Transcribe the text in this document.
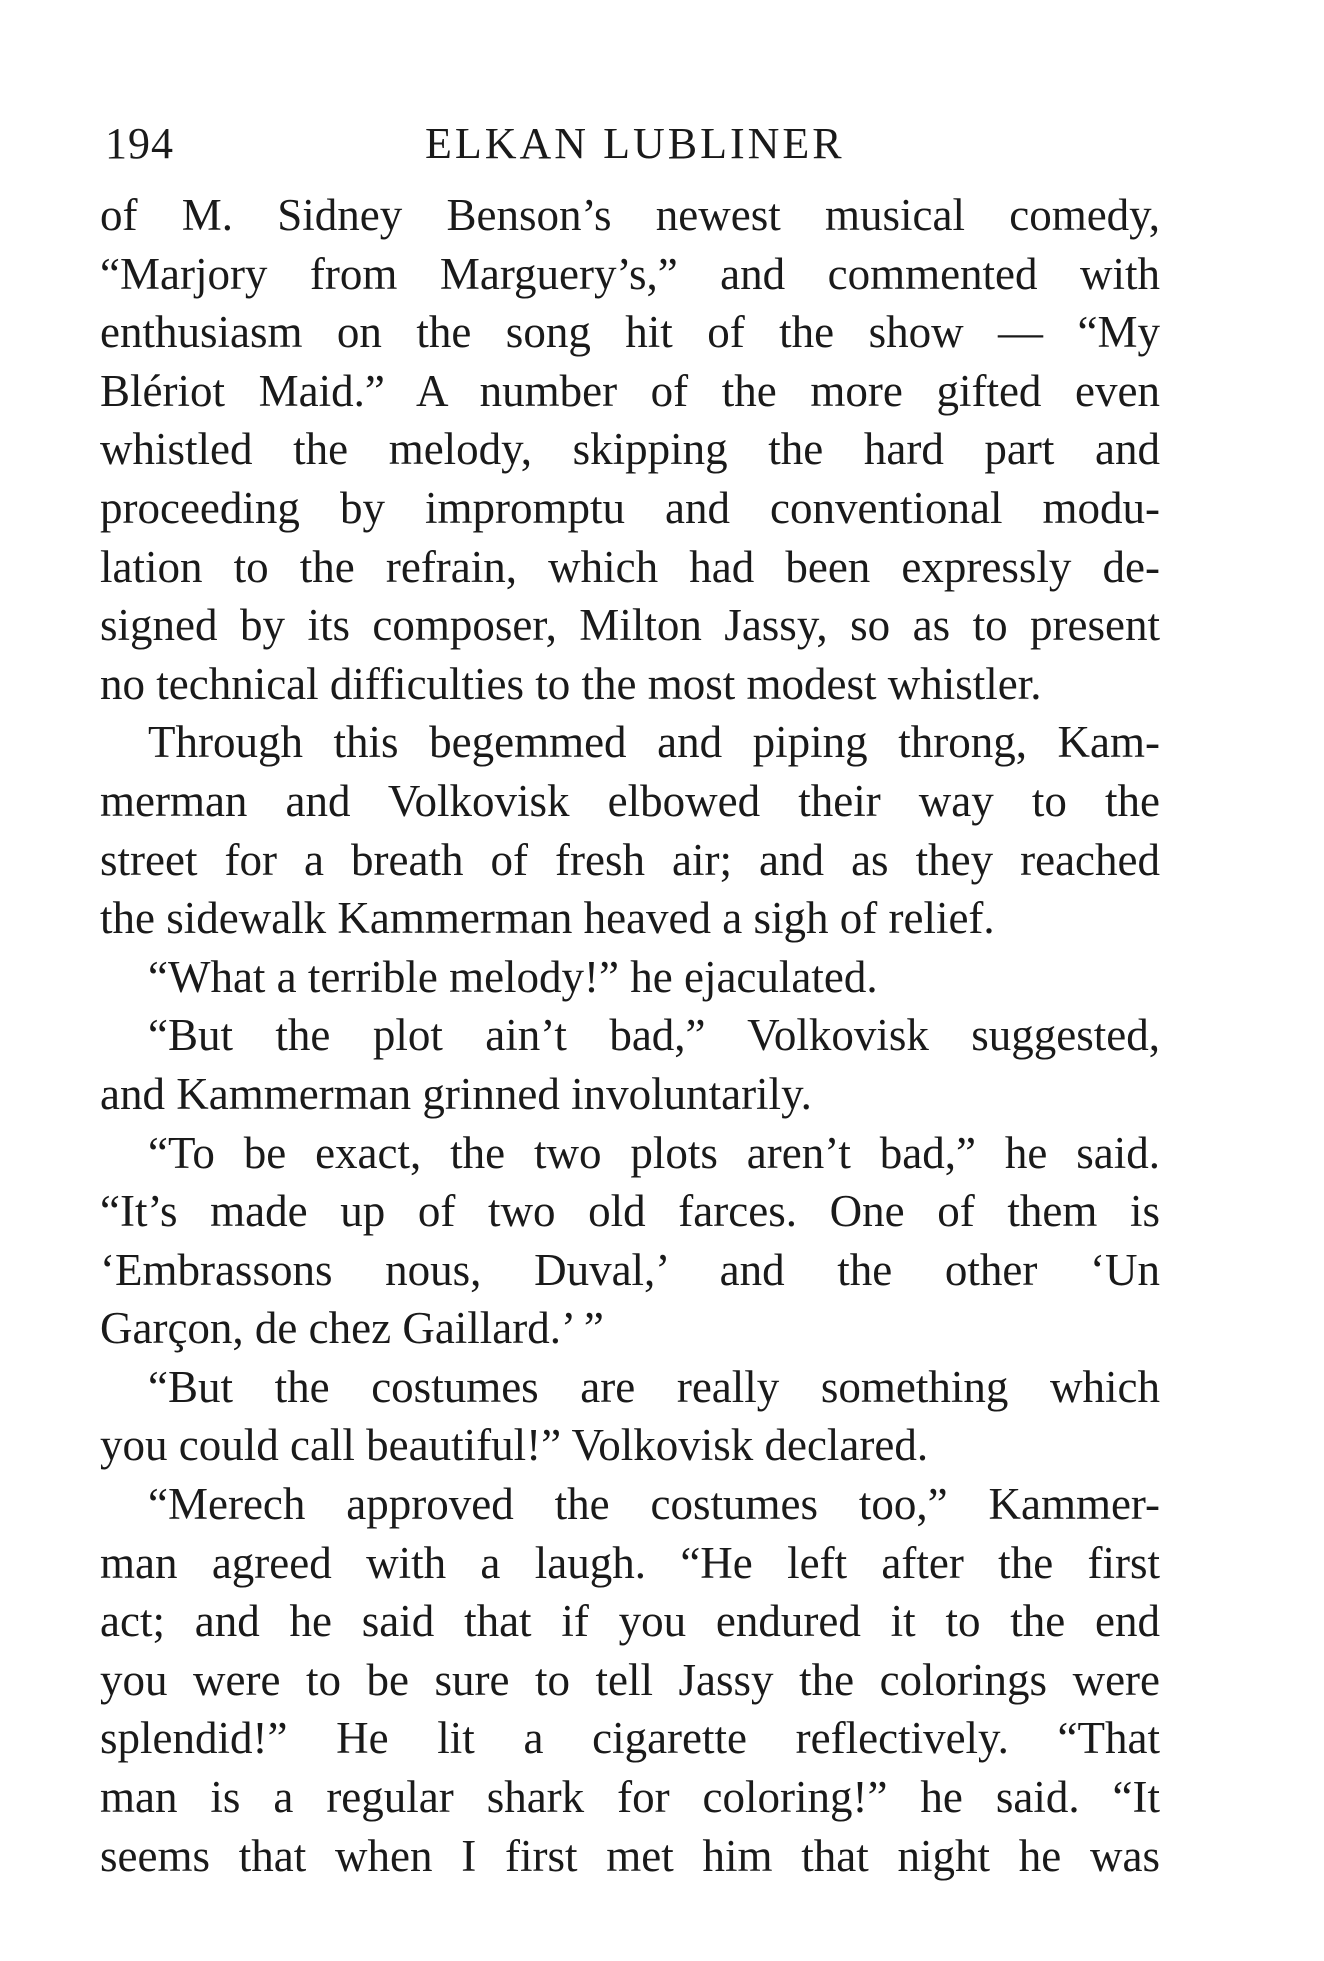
194	ELKAN LUBLINER
of M. Sidney Benson’s newest musical comedy,
“Marjory from Marguery’s,” and commented with
enthusiasm on the song hit of the show — “My
Blériot Maid.” A number of the more gifted even
whistled the melody, skipping the hard part and
proceeding by impromptu and conventional modu-
lation to the refrain, which had been expressly de-
signed by its composer, Milton Jassy, so as to present
no technical difficulties to the most modest whistler.
Through this begemmed and piping throng, Kam-
merman and Volkovisk elbowed their way to the
street for a breath of fresh air; and as they reached
the sidewalk Kammerman heaved a sigh of relief.
“What a terrible melody!” he ejaculated.
“But the plot ain’t bad,” Volkovisk suggested,
and Kammerman grinned involuntarily.
“To be exact, the two plots aren’t bad,” he said.
“It’s made up of two old farces. One of them is
‘Embrassons nous, Duval,’ and the other ‘Un
Garçon, de chez Gaillard.’ ”
“But the costumes are really something which
you could call beautiful!” Volkovisk declared.
“Merech approved the costumes too,” Kammer-
man agreed with a laugh. “He left after the first
act; and he said that if you endured it to the end
you were to be sure to tell Jassy the colorings were
splendid!” He lit a cigarette reflectively. “That
man is a regular shark for coloring!” he said. “It
seems that when I first met him that night he was
